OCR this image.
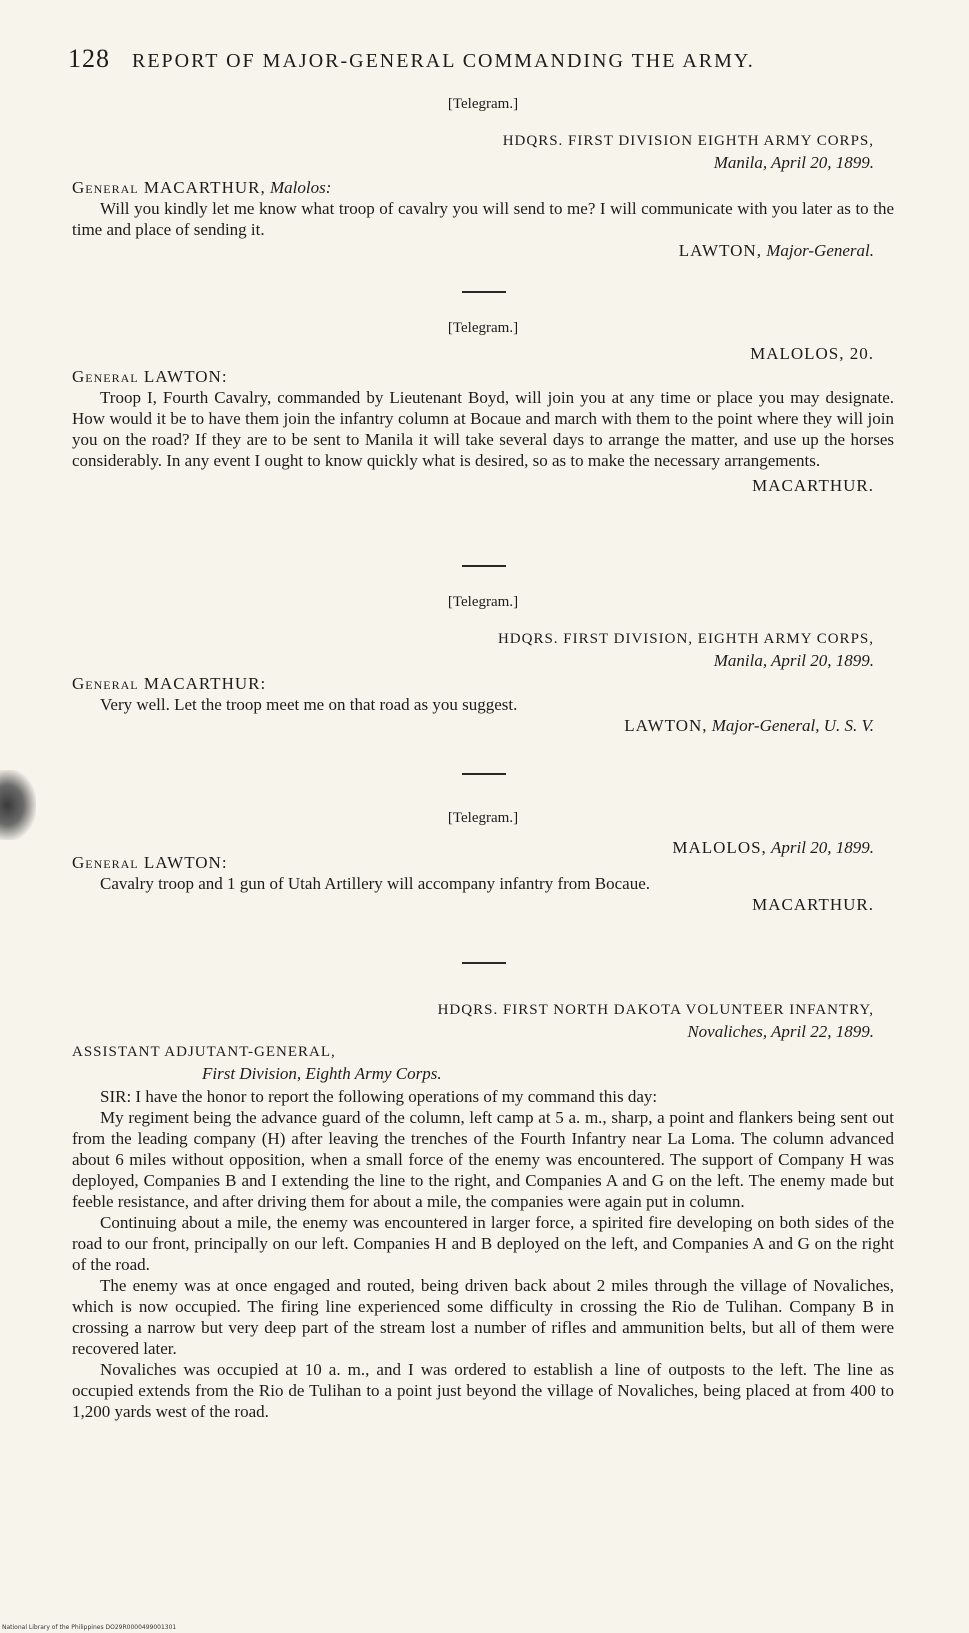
128 REPORT OF MAJOR-GENERAL COMMANDING THE ARMY.
[Telegram.]
HDQRS. FIRST DIVISION EIGHTH ARMY CORPS,
Manila, April 20, 1899.
General MACARTHUR, Malolos:

Will you kindly let me know what troop of cavalry you will send to me? I will communicate with you later as to the time and place of sending it.

LAWTON, Major-General.
[Telegram.]
MALOLOS, 20.
General LAWTON:

Troop I, Fourth Cavalry, commanded by Lieutenant Boyd, will join you at any time or place you may designate. How would it be to have them join the infantry column at Bocaue and march with them to the point where they will join you on the road? If they are to be sent to Manila it will take several days to arrange the matter, and use up the horses considerably. In any event I ought to know quickly what is desired, so as to make the necessary arrangements.

MACARTHUR.
[Telegram.]
HDQRS. FIRST DIVISION, EIGHTH ARMY CORPS,
Manila, April 20, 1899.
General MACARTHUR:

Very well. Let the troop meet me on that road as you suggest.

LAWTON, Major-General, U. S. V.
[Telegram.]
MALOLOS, April 20, 1899.
General LAWTON:

Cavalry troop and 1 gun of Utah Artillery will accompany infantry from Bocaue.

MACARTHUR.
HDQRS. FIRST NORTH DAKOTA VOLUNTEER INFANTRY,
Novaliches, April 22, 1899.
ASSISTANT ADJUTANT-GENERAL,
First Division, Eighth Army Corps.

SIR: I have the honor to report the following operations of my command this day:

My regiment being the advance guard of the column, left camp at 5 a. m., sharp, a point and flankers being sent out from the leading company (H) after leaving the trenches of the Fourth Infantry near La Loma. The column advanced about 6 miles without opposition, when a small force of the enemy was encountered. The support of Company H was deployed, Companies B and I extending the line to the right, and Companies A and G on the left. The enemy made but feeble resistance, and after driving them for about a mile, the companies were again put in column.

Continuing about a mile, the enemy was encountered in larger force, a spirited fire developing on both sides of the road to our front, principally on our left. Companies H and B deployed on the left, and Companies A and G on the right of the road.

The enemy was at once engaged and routed, being driven back about 2 miles through the village of Novaliches, which is now occupied. The firing line experienced some difficulty in crossing the Rio de Tulihan. Company B in crossing a narrow but very deep part of the stream lost a number of rifles and ammunition belts, but all of them were recovered later.

Novaliches was occupied at 10 a. m., and I was ordered to establish a line of outposts to the left. The line as occupied extends from the Rio de Tulihan to a point just beyond the village of Novaliches, being placed at from 400 to 1,200 yards west of the road.

National Library of the Philippines DO29R0000499001301
